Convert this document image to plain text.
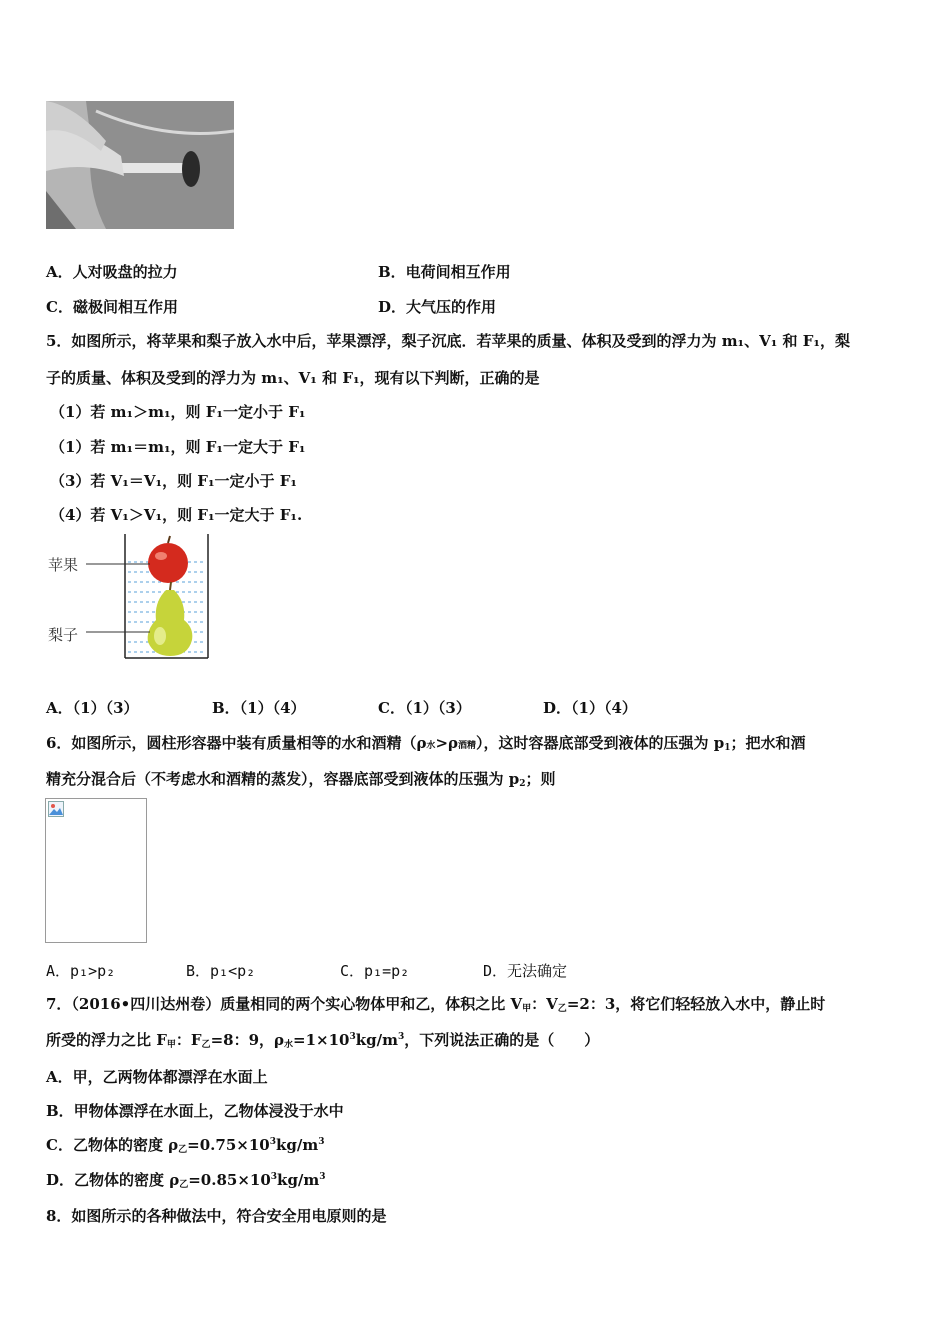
A．人对吸盘的拉力	B．电荷间相互作用
C．磁极间相互作用	D．大气压的作用
5．如图所示，将苹果和梨子放入水中后，苹果漂浮，梨子沉底．若苹果的质量、体积及受到的浮力为 m₁、V₁ 和 F₁，梨
子的质量、体积及受到的浮力为 m₁、V₁ 和 F₁，现有以下判断，正确的是
（1）若 m₁＞m₁，则 F₁一定小于 F₁
（1）若 m₁＝m₁，则 F₁一定大于 F₁
（3）若 V₁＝V₁，则 F₁一定小于 F₁
（4）若 V₁＞V₁，则 F₁一定大于 F₁.
苹果
梨子
A．（1）（3）	B．（1）（4）	C．（1）（3）	D．（1）（4）
6．如图所示，圆柱形容器中装有质量相等的水和酒精（ρ水>ρ酒精），这时容器底部受到液体的压强为 $p_1$；把水和酒
精充分混合后（不考虑水和酒精的蒸发），容器底部受到液体的压强为 $p_2$；则
A．p₁>p₂	B．p₁<p₂	C．p₁=p₂	D．无法确定
7．（2016•四川达州卷）质量相同的两个实心物体甲和乙，体积之比 $V_甲$：$V_乙=2$：3，将它们轻轻放入水中，静止时
所受的浮力之比 $F_甲$：$F_乙=8$：9，$\rho_水=1\times 10^3kg/m^3$，下列说法正确的是（　　）
A．甲，乙两物体都漂浮在水面上
B．甲物体漂浮在水面上，乙物体浸没于水中
C．乙物体的密度 $\rho_乙=0.75\times 10^3kg/m^3$
D．乙物体的密度 $\rho_乙=0.85\times 10^3kg/m^3$
8．如图所示的各种做法中，符合安全用电原则的是
